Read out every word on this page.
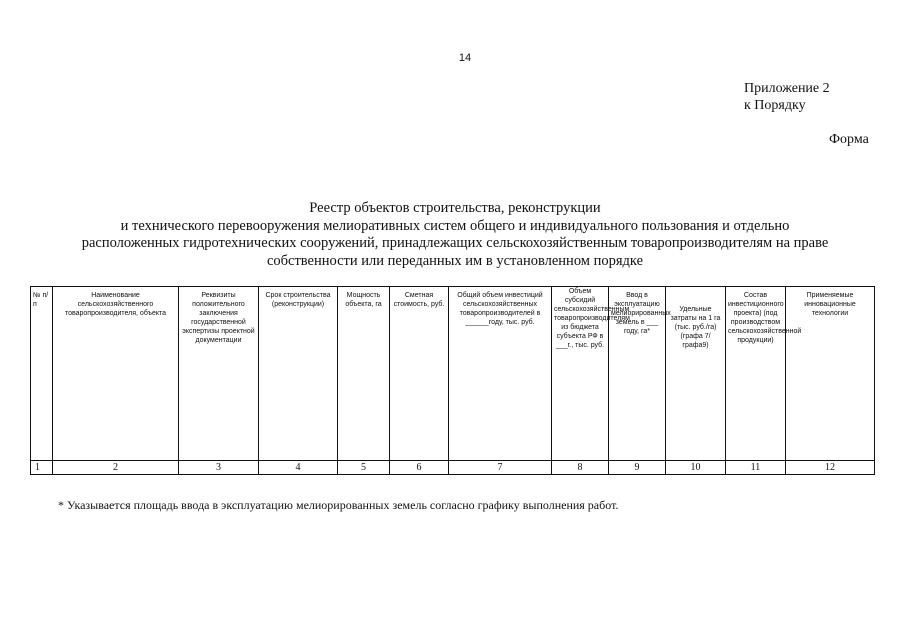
14
Приложение 2
к Порядку
Форма
Реестр объектов строительства, реконструкции
и технического перевооружения мелиоративных систем общего и индивидуального пользования и отдельно
расположенных гидротехнических сооружений, принадлежащих сельскохозяйственным товаропроизводителям на праве
собственности или переданных им в установленном порядке
№ п/п	Наименование сельскохозяйственного товаропроизводителя, объекта	Реквизиты положительного заключения государственной экспертизы проектной документации	Срок строительства (реконструкции)	Мощность объекта, га	Сметная стоимость, руб.	Общий объем инвестиций сельскохозяйственных товаропроизводителей в ______году, тыс. руб.	Объем субсидий сельскохозяйственным товаропроизводителям из бюджета субъекта РФ в ___г., тыс. руб.	Ввод в эксплуатацию мелиорированных земель в ___ году, га*	Удельные затраты на 1 га (тыс. руб./га) (графа 7/ графа9)	Состав инвестиционного проекта) (под производством сельскохозяйственной продукции)	Применяемые инновационные технологии
1	2	3	4	5	6	7	8	9	10	11	12
* Указывается площадь ввода в эксплуатацию мелиорированных земель согласно графику выполнения работ.
